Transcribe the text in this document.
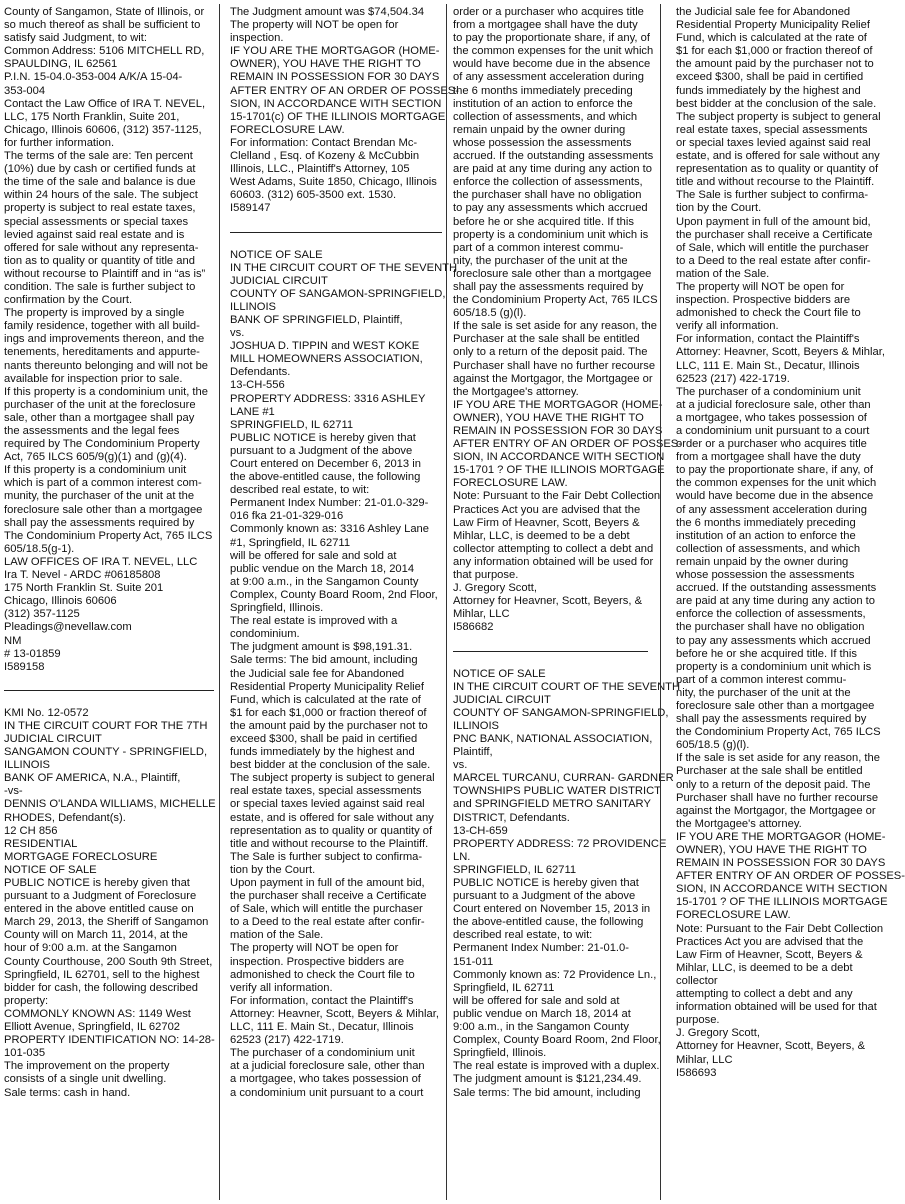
County of Sangamon, State of Illinois, or
so much thereof as shall be sufficient to
satisfy said Judgment, to wit:
Common Address: 5106 MITCHELL RD,
SPAULDING, IL 62561
P.I.N. 15-04.0-353-004 A/K/A 15-04-
353-004
Contact the Law Office of IRA T. NEVEL,
LLC, 175 North Franklin, Suite 201,
Chicago, Illinois 60606, (312) 357-1125,
for further information.
The terms of the sale are: Ten percent
(10%) due by cash or certified funds at
the time of the sale and balance is due
within 24 hours of the sale. The subject
property is subject to real estate taxes,
special assessments or special taxes
levied against said real estate and is
offered for sale without any representa-
tion as to quality or quantity of title and
without recourse to Plaintiff and in “as is”
condition. The sale is further subject to
confirmation by the Court.
The property is improved by a single
family residence, together with all build-
ings and improvements thereon, and the
tenements, hereditaments and appurte-
nants thereunto belonging and will not be
available for inspection prior to sale.
If this property is a condominium unit, the
purchaser of the unit at the foreclosure
sale, other than a mortgagee shall pay
the assessments and the legal fees
required by The Condominium Property
Act, 765 ILCS 605/9(g)(1) and (g)(4).
If this property is a condominium unit
which is part of a common interest com-
munity, the purchaser of the unit at the
foreclosure sale other than a mortgagee
shall pay the assessments required by
The Condominium Property Act, 765 ILCS
605/18.5(g-1).
LAW OFFICES OF IRA T. NEVEL, LLC
Ira T. Nevel - ARDC #06185808
175 North Franklin St. Suite 201
Chicago, Illinois 60606
(312) 357-1125
Pleadings@nevellaw.com
NM
# 13-01859
I589158
KMI No. 12-0572
IN THE CIRCUIT COURT FOR THE 7TH
JUDICIAL CIRCUIT
SANGAMON COUNTY - SPRINGFIELD,
ILLINOIS
BANK OF AMERICA, N.A., Plaintiff,
-vs-
DENNIS O'LANDA WILLIAMS, MICHELLE
RHODES, Defendant(s).
12 CH 856
RESIDENTIAL
MORTGAGE FORECLOSURE
NOTICE OF SALE
PUBLIC NOTICE is hereby given that
pursuant to a Judgment of Foreclosure
entered in the above entitled cause on
March 29, 2013, the Sheriff of Sangamon
County will on March 11, 2014, at the
hour of 9:00 a.m. at the Sangamon
County Courthouse, 200 South 9th Street,
Springfield, IL 62701, sell to the highest
bidder for cash, the following described
property:
COMMONLY KNOWN AS: 1149 West
Elliott Avenue, Springfield, IL 62702
PROPERTY IDENTIFICATION NO: 14-28-
101-035
The improvement on the property
consists of a single unit dwelling.
Sale terms: cash in hand.
The Judgment amount was $74,504.34
The property will NOT be open for
inspection.
IF YOU ARE THE MORTGAGOR (HOME-
OWNER), YOU HAVE THE RIGHT TO
REMAIN IN POSSESSION FOR 30 DAYS
AFTER ENTRY OF AN ORDER OF POSSES-
SION, IN ACCORDANCE WITH SECTION
15-1701(c) OF THE ILLINOIS MORTGAGE
FORECLOSURE LAW.
For information: Contact Brendan Mc-
Clelland , Esq. of Kozeny & McCubbin
Illinois, LLC., Plaintiff's Attorney, 105
West Adams, Suite 1850, Chicago, Illinois
60603. (312) 605-3500 ext. 1530.
I589147
NOTICE OF SALE
IN THE CIRCUIT COURT OF THE SEVENTH
JUDICIAL CIRCUIT
COUNTY OF SANGAMON-SPRINGFIELD,
ILLINOIS
BANK OF SPRINGFIELD, Plaintiff,
vs.
JOSHUA D. TIPPIN and WEST KOKE
MILL HOMEOWNERS ASSOCIATION,
Defendants.
13-CH-556
PROPERTY ADDRESS: 3316 ASHLEY
LANE #1
SPRINGFIELD, IL 62711
PUBLIC NOTICE is hereby given that
pursuant to a Judgment of the above
Court entered on December 6, 2013 in
the above-entitled cause, the following
described real estate, to wit:
Permanent Index Number: 21-01.0-329-
016 fka 21-01-329-016
Commonly known as: 3316 Ashley Lane
#1, Springfield, IL 62711
will be offered for sale and sold at
public vendue on the March 18, 2014
at 9:00 a.m., in the Sangamon County
Complex, County Board Room, 2nd Floor,
Springfield, Illinois.
The real estate is improved with a
condominium.
The judgment amount is $98,191.31.
Sale terms: The bid amount, including
the Judicial sale fee for Abandoned
Residential Property Municipality Relief
Fund, which is calculated at the rate of
$1 for each $1,000 or fraction thereof of
the amount paid by the purchaser not to
exceed $300, shall be paid in certified
funds immediately by the highest and
best bidder at the conclusion of the sale.
The subject property is subject to general
real estate taxes, special assessments
or special taxes levied against said real
estate, and is offered for sale without any
representation as to quality or quantity of
title and without recourse to the Plaintiff.
The Sale is further subject to confirma-
tion by the Court.
Upon payment in full of the amount bid,
the purchaser shall receive a Certificate
of Sale, which will entitle the purchaser
to a Deed to the real estate after confir-
mation of the Sale.
The property will NOT be open for
inspection. Prospective bidders are
admonished to check the Court file to
verify all information.
For information, contact the Plaintiff's
Attorney: Heavner, Scott, Beyers & Mihlar,
LLC, 111 E. Main St., Decatur, Illinois
62523 (217) 422-1719.
The purchaser of a condominium unit
at a judicial foreclosure sale, other than
a mortgagee, who takes possession of
a condominium unit pursuant to a court
order or a purchaser who acquires title
from a mortgagee shall have the duty
to pay the proportionate share, if any, of
the common expenses for the unit which
would have become due in the absence
of any assessment acceleration during
the 6 months immediately preceding
institution of an action to enforce the
collection of assessments, and which
remain unpaid by the owner during
whose possession the assessments
accrued. If the outstanding assessments
are paid at any time during any action to
enforce the collection of assessments,
the purchaser shall have no obligation
to pay any assessments which accrued
before he or she acquired title. If this
property is a condominium unit which is
part of a common interest commu-
nity, the purchaser of the unit at the
foreclosure sale other than a mortgagee
shall pay the assessments required by
the Condominium Property Act, 765 ILCS
605/18.5 (g)(l).
If the sale is set aside for any reason, the
Purchaser at the sale shall be entitled
only to a return of the deposit paid. The
Purchaser shall have no further recourse
against the Mortgagor, the Mortgagee or
the Mortgagee's attorney.
IF YOU ARE THE MORTGAGOR (HOME-
OWNER), YOU HAVE THE RIGHT TO
REMAIN IN POSSESSION FOR 30 DAYS
AFTER ENTRY OF AN ORDER OF POSSES-
SION, IN ACCORDANCE WITH SECTION
15-1701 ? OF THE ILLINOIS MORTGAGE
FORECLOSURE LAW.
Note: Pursuant to the Fair Debt Collection
Practices Act you are advised that the
Law Firm of Heavner, Scott, Beyers &
Mihlar, LLC, is deemed to be a debt
collector attempting to collect a debt and
any information obtained will be used for
that purpose.
J. Gregory Scott,
Attorney for Heavner, Scott, Beyers, &
Mihlar, LLC
I586682
NOTICE OF SALE
IN THE CIRCUIT COURT OF THE SEVENTH
JUDICIAL CIRCUIT
COUNTY OF SANGAMON-SPRINGFIELD,
ILLINOIS
PNC BANK, NATIONAL ASSOCIATION,
Plaintiff,
vs.
MARCEL TURCANU, CURRAN- GARDNER
TOWNSHIPS PUBLIC WATER DISTRICT
and SPRINGFIELD METRO SANITARY
DISTRICT, Defendants.
13-CH-659
PROPERTY ADDRESS: 72 PROVIDENCE
LN.
SPRINGFIELD, IL 62711
PUBLIC NOTICE is hereby given that
pursuant to a Judgment of the above
Court entered on November 15, 2013 in
the above-entitled cause, the following
described real estate, to wit:
Permanent Index Number: 21-01.0-
151-011
Commonly known as: 72 Providence Ln.,
Springfield, IL 62711
will be offered for sale and sold at
public vendue on March 18, 2014 at
9:00 a.m., in the Sangamon County
Complex, County Board Room, 2nd Floor,
Springfield, Illinois.
The real estate is improved with a duplex.
The judgment amount is $121,234.49.
Sale terms: The bid amount, including
the Judicial sale fee for Abandoned
Residential Property Municipality Relief
Fund, which is calculated at the rate of
$1 for each $1,000 or fraction thereof of
the amount paid by the purchaser not to
exceed $300, shall be paid in certified
funds immediately by the highest and
best bidder at the conclusion of the sale.
The subject property is subject to general
real estate taxes, special assessments
or special taxes levied against said real
estate, and is offered for sale without any
representation as to quality or quantity of
title and without recourse to the Plaintiff.
The Sale is further subject to confirma-
tion by the Court.
Upon payment in full of the amount bid,
the purchaser shall receive a Certificate
of Sale, which will entitle the purchaser
to a Deed to the real estate after confir-
mation of the Sale.
The property will NOT be open for
inspection. Prospective bidders are
admonished to check the Court file to
verify all information.
For information, contact the Plaintiff's
Attorney: Heavner, Scott, Beyers & Mihlar,
LLC, 111 E. Main St., Decatur, Illinois
62523 (217) 422-1719.
The purchaser of a condominium unit
at a judicial foreclosure sale, other than
a mortgagee, who takes possession of
a condominium unit pursuant to a court
order or a purchaser who acquires title
from a mortgagee shall have the duty
to pay the proportionate share, if any, of
the common expenses for the unit which
would have become due in the absence
of any assessment acceleration during
the 6 months immediately preceding
institution of an action to enforce the
collection of assessments, and which
remain unpaid by the owner during
whose possession the assessments
accrued. If the outstanding assessments
are paid at any time during any action to
enforce the collection of assessments,
the purchaser shall have no obligation
to pay any assessments which accrued
before he or she acquired title. If this
property is a condominium unit which is
part of a common interest commu-
nity, the purchaser of the unit at the
foreclosure sale other than a mortgagee
shall pay the assessments required by
the Condominium Property Act, 765 ILCS
605/18.5 (g)(l).
If the sale is set aside for any reason, the
Purchaser at the sale shall be entitled
only to a return of the deposit paid. The
Purchaser shall have no further recourse
against the Mortgagor, the Mortgagee or
the Mortgagee's attorney.
IF YOU ARE THE MORTGAGOR (HOME-
OWNER), YOU HAVE THE RIGHT TO
REMAIN IN POSSESSION FOR 30 DAYS
AFTER ENTRY OF AN ORDER OF POSSES-
SION, IN ACCORDANCE WITH SECTION
15-1701 ? OF THE ILLINOIS MORTGAGE
FORECLOSURE LAW.
Note: Pursuant to the Fair Debt Collection
Practices Act you are advised that the
Law Firm of Heavner, Scott, Beyers &
Mihlar, LLC, is deemed to be a debt
collector
attempting to collect a debt and any
information obtained will be used for that
purpose.
J. Gregory Scott,
Attorney for Heavner, Scott, Beyers, &
Mihlar, LLC
I586693
